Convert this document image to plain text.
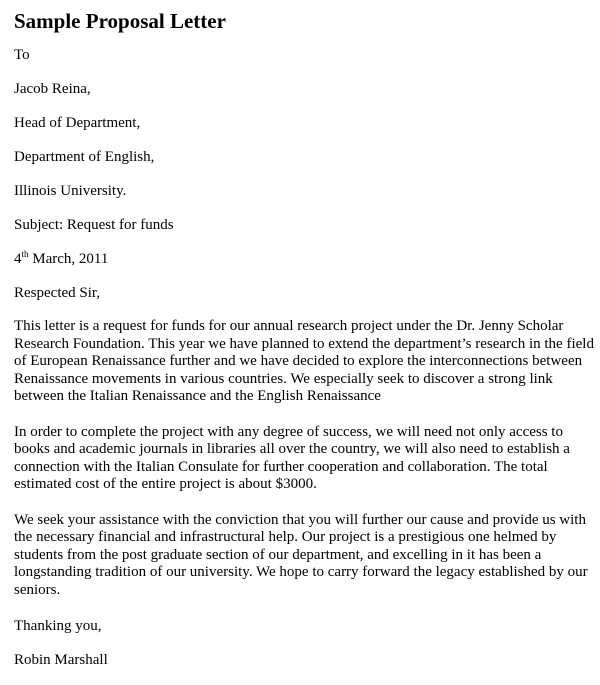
Sample Proposal Letter
To
Jacob Reina,
Head of Department,
Department of English,
Illinois University.
Subject: Request for funds
4th March, 2011
Respected Sir,
This letter is a request for funds for our annual research project under the Dr. Jenny Scholar
Research Foundation. This year we have planned to extend the department’s research in the field
of European Renaissance further and we have decided to explore the interconnections between
Renaissance movements in various countries. We especially seek to discover a strong link
between the Italian Renaissance and the English Renaissance
In order to complete the project with any degree of success, we will need not only access to
books and academic journals in libraries all over the country, we will also need to establish a
connection with the Italian Consulate for further cooperation and collaboration. The total
estimated cost of the entire project is about $3000.
We seek your assistance with the conviction that you will further our cause and provide us with
the necessary financial and infrastructural help. Our project is a prestigious one helmed by
students from the post graduate section of our department, and excelling in it has been a
longstanding tradition of our university. We hope to carry forward the legacy established by our
seniors.
Thanking you,
Robin Marshall
